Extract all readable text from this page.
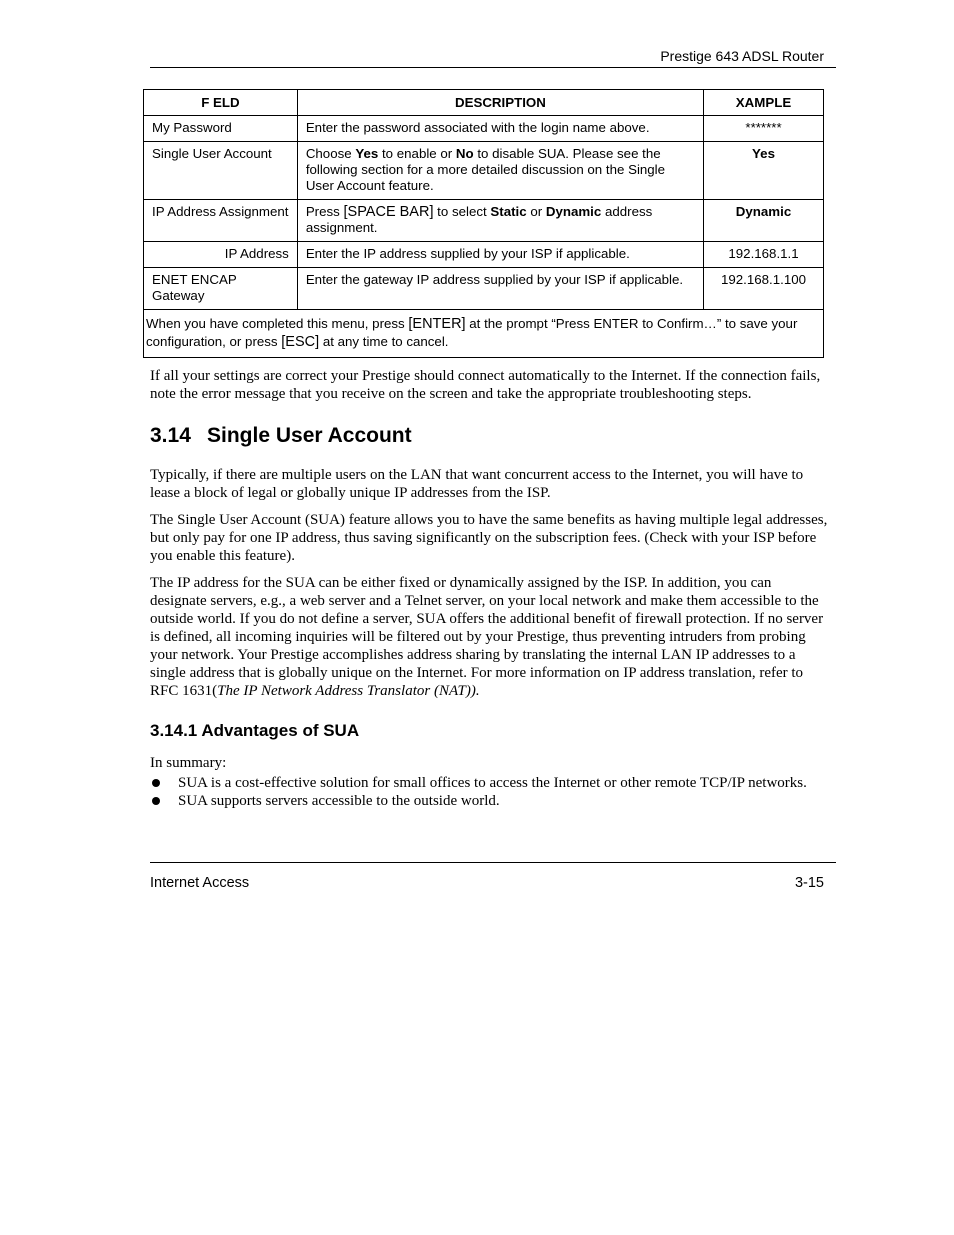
Prestige 643 ADSL Router
F ELD	DESCRIPTION	XAMPLE
My Password	Enter the password associated with the login name above.	*******
Single User Account	Choose Yes to enable or No to disable SUA. Please see the following section for a more detailed discussion on the Single User Account feature.	Yes
IP Address Assignment	Press [SPACE BAR] to select Static or Dynamic address assignment.	Dynamic
IP Address	Enter the IP address supplied by your ISP if applicable.	192.168.1.1
ENET ENCAP Gateway	Enter the gateway IP address supplied by your ISP if applicable.	192.168.1.100
When you have completed this menu, press [ENTER] at the prompt “Press ENTER to Confirm…” to save your configuration, or press [ESC] at any time to cancel.		

If all your settings are correct your Prestige should connect automatically to the Internet. If the connection fails, note the error message that you receive on the screen and take the appropriate troubleshooting steps.

3.14 Single User Account

Typically, if there are multiple users on the LAN that want concurrent access to the Internet, you will have to lease a block of legal or globally unique IP addresses from the ISP.

The Single User Account (SUA) feature allows you to have the same benefits as having multiple legal addresses, but only pay for one IP address, thus saving significantly on the subscription fees. (Check with your ISP before you enable this feature).

The IP address for the SUA can be either fixed or dynamically assigned by the ISP. In addition, you can designate servers, e.g., a web server and a Telnet server, on your local network and make them accessible to the outside world. If you do not define a server, SUA offers the additional benefit of firewall protection. If no server is defined, all incoming inquiries will be filtered out by your Prestige, thus preventing intruders from probing your network. Your Prestige accomplishes address sharing by translating the internal LAN IP addresses to a single address that is globally unique on the Internet. For more information on IP address translation, refer to RFC 1631(The IP Network Address Translator (NAT)).

3.14.1 Advantages of SUA

In summary:

SUA is a cost-effective solution for small offices to access the Internet or other remote TCP/IP networks.
SUA supports servers accessible to the outside world.
Internet Access	3-15
